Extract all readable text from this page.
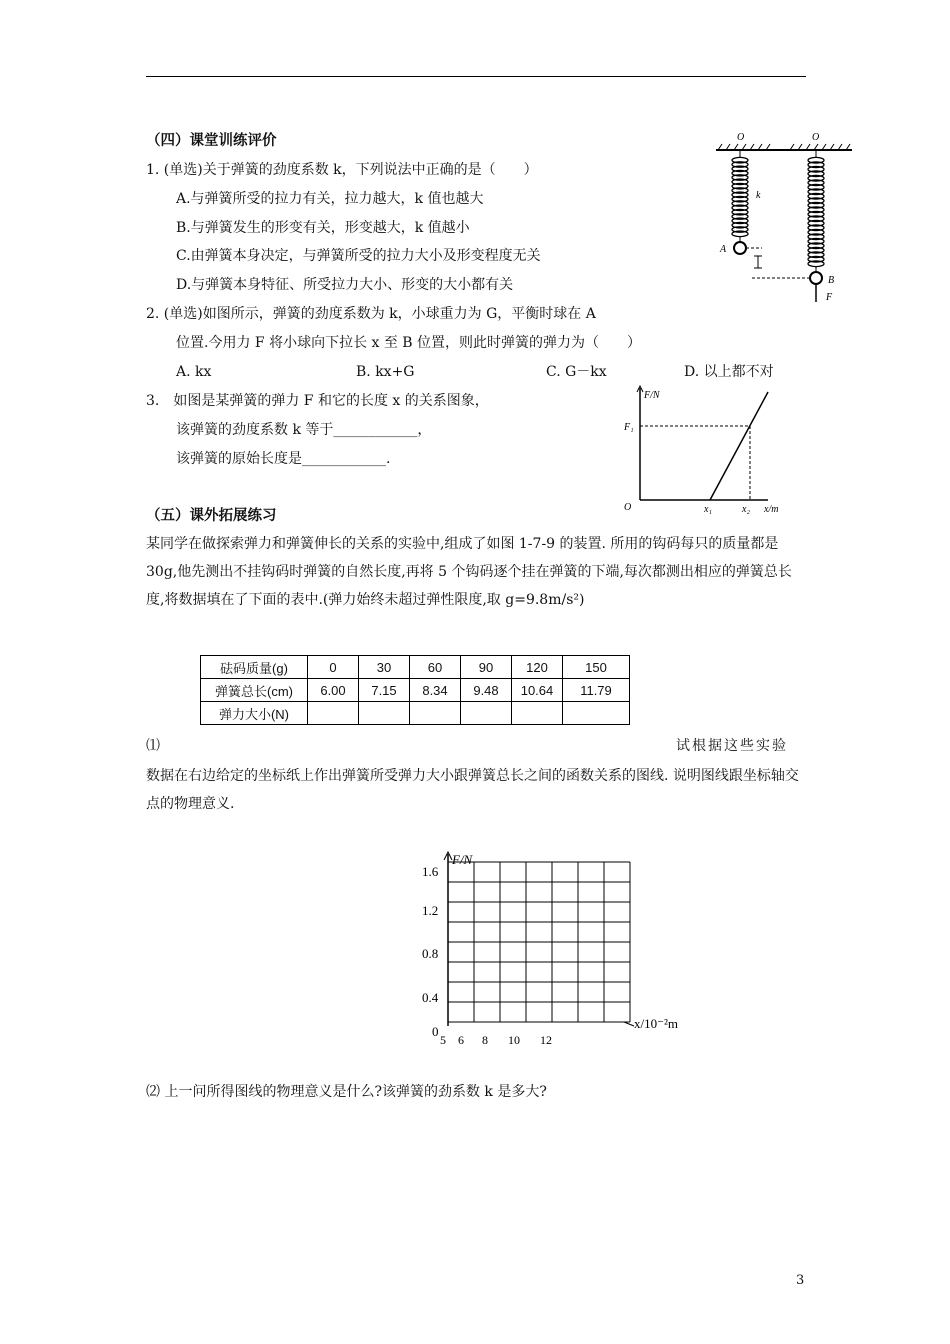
（四）课堂训练评价
1. (单选)关于弹簧的劲度系数 k，下列说法中正确的是（　　）
A.与弹簧所受的拉力有关，拉力越大，k 值也越大
B.与弹簧发生的形变有关，形变越大，k 值越小
C.由弹簧本身决定，与弹簧所受的拉力大小及形变程度无关
D.与弹簧本身特征、所受拉力大小、形变的大小都有关
2. (单选)如图所示，弹簧的劲度系数为 k，小球重力为 G，平衡时球在 A
位置.今用力 F 将小球向下拉长 x 至 B 位置，则此时弹簧的弹力为（　　）
A. kx	B. kx+G	C. G－kx	D. 以上都不对
3.　如图是某弹簧的弹力 F 和它的长度 x 的关系图象，
该弹簧的劲度系数 k 等于____________，
该弹簧的原始长度是____________.
O	O
k
A
B
F
F/N
F₁
O	x₁	x₂ x/m
（五）课外拓展练习
某同学在做探索弹力和弹簧伸长的关系的实验中,组成了如图 1-7-9 的装置. 所用的钩码每只的质量都是 30g,他先测出不挂钩码时弹簧的自然长度,再将 5 个钩码逐个挂在弹簧的下端,每次都测出相应的弹簧总长度,将数据填在了下面的表中.(弹力始终未超过弹性限度,取 g=9.8m/s²)
砝码质量(g)	0	30	60	90	120	150
弹簧总长(cm)	6.00	7.15	8.34	9.48	10.64	11.79
弹力大小(N)						
⑴	试根据这些实验
数据在右边给定的坐标纸上作出弹簧所受弹力大小跟弹簧总长之间的函数关系的图线. 说明图线跟坐标轴交点的物理意义.
F/N
x/10⁻²m
1.6
1.2
0.8
0.4
0
5 6 8 10 12
⑵ 上一问所得图线的物理意义是什么?该弹簧的劲系数 k 是多大?
3
